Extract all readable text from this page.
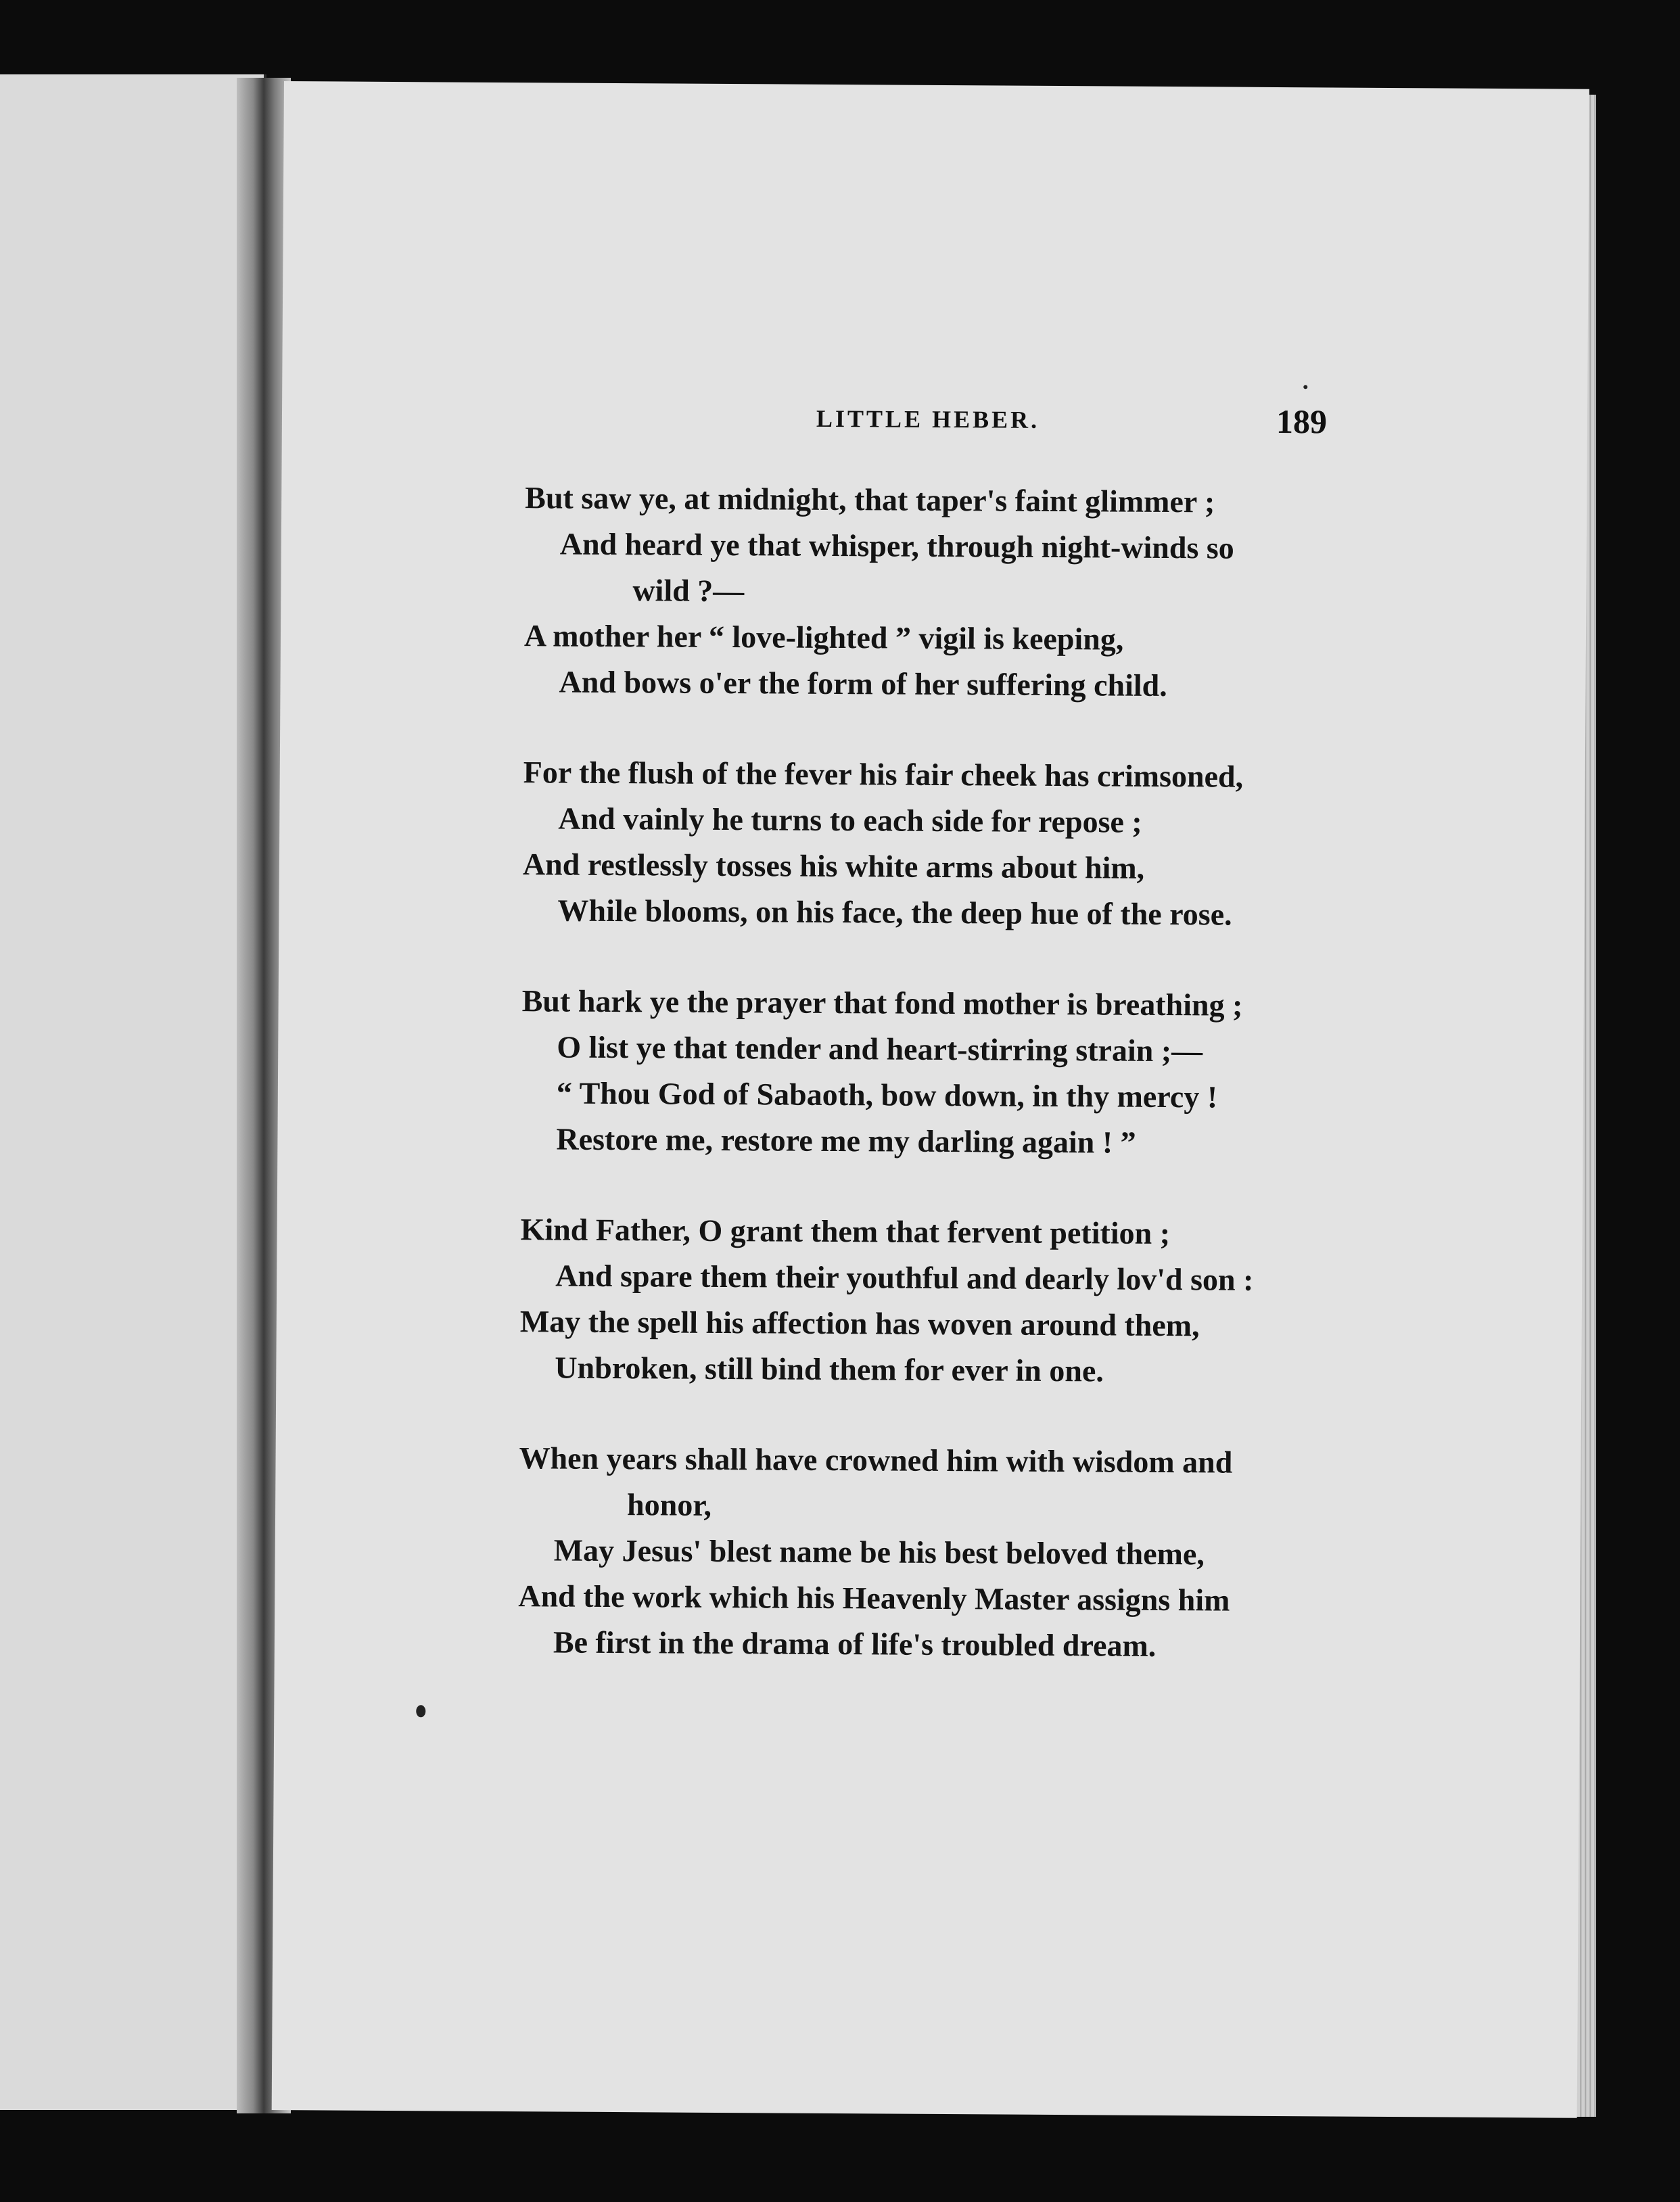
LITTLE HEBER.	189
But saw ye, at midnight, that taper's faint glimmer ;
And heard ye that whisper, through night-winds so
wild ?—
A mother her “ love-lighted ” vigil is keeping,
And bows o'er the form of her suffering child.
For the flush of the fever his fair cheek has crimsoned,
And vainly he turns to each side for repose ;
And restlessly tosses his white arms about him,
While blooms, on his face, the deep hue of the rose.
But hark ye the prayer that fond mother is breathing ;
O list ye that tender and heart-stirring strain ;—
“ Thou God of Sabaoth, bow down, in thy mercy !
Restore me, restore me my darling again ! ”
Kind Father, O grant them that fervent petition ;
And spare them their youthful and dearly lov'd son :
May the spell his affection has woven around them,
Unbroken, still bind them for ever in one.
When years shall have crowned him with wisdom and
honor,
May Jesus' blest name be his best beloved theme,
And the work which his Heavenly Master assigns him
Be first in the drama of life's troubled dream.
